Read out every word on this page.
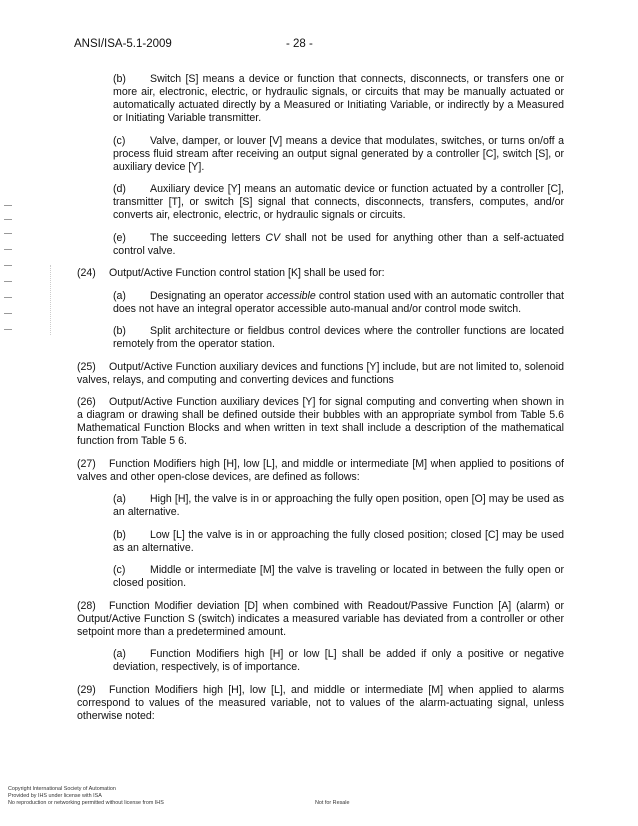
ANSI/ISA-5.1-2009	- 28 -

(b) Switch [S] means a device or function that connects, disconnects, or transfers one or more air, electronic, electric, or hydraulic signals, or circuits that may be manually actuated or automatically actuated directly by a Measured or Initiating Variable, or indirectly by a Measured or Initiating Variable transmitter.

(c) Valve, damper, or louver [V] means a device that modulates, switches, or turns on/off a process fluid stream after receiving an output signal generated by a controller [C], switch [S], or auxiliary device [Y].

(d) Auxiliary device [Y] means an automatic device or function actuated by a controller [C], transmitter [T], or switch [S] signal that connects, disconnects, transfers, computes, and/or converts air, electronic, electric, or hydraulic signals or circuits.

(e) The succeeding letters CV shall not be used for anything other than a self-actuated control valve.

(24) Output/Active Function control station [K] shall be used for:

(a) Designating an operator accessible control station used with an automatic controller that does not have an integral operator accessible auto-manual and/or control mode switch.

(b) Split architecture or fieldbus control devices where the controller functions are located remotely from the operator station.

(25) Output/Active Function auxiliary devices and functions [Y] include, but are not limited to, solenoid valves, relays, and computing and converting devices and functions

(26) Output/Active Function auxiliary devices [Y] for signal computing and converting when shown in a diagram or drawing shall be defined outside their bubbles with an appropriate symbol from Table 5.6 Mathematical Function Blocks and when written in text shall include a description of the mathematical function from Table 5 6.

(27) Function Modifiers high [H], low [L], and middle or intermediate [M] when applied to positions of valves and other open-close devices, are defined as follows:

(a) High [H], the valve is in or approaching the fully open position, open [O] may be used as an alternative.

(b) Low [L] the valve is in or approaching the fully closed position; closed [C] may be used as an alternative.

(c) Middle or intermediate [M] the valve is traveling or located in between the fully open or closed position.

(28) Function Modifier deviation [D] when combined with Readout/Passive Function [A] (alarm) or Output/Active Function S (switch) indicates a measured variable has deviated from a controller or other setpoint more than a predetermined amount.

(a) Function Modifiers high [H] or low [L] shall be added if only a positive or negative deviation, respectively, is of importance.

(29) Function Modifiers high [H], low [L], and middle or intermediate [M] when applied to alarms correspond to values of the measured variable, not to values of the alarm-actuating signal, unless otherwise noted:

Copyright International Society of Automation
Provided by IHS under license with ISA
No reproduction or networking permitted without license from IHS	Not for Resale
